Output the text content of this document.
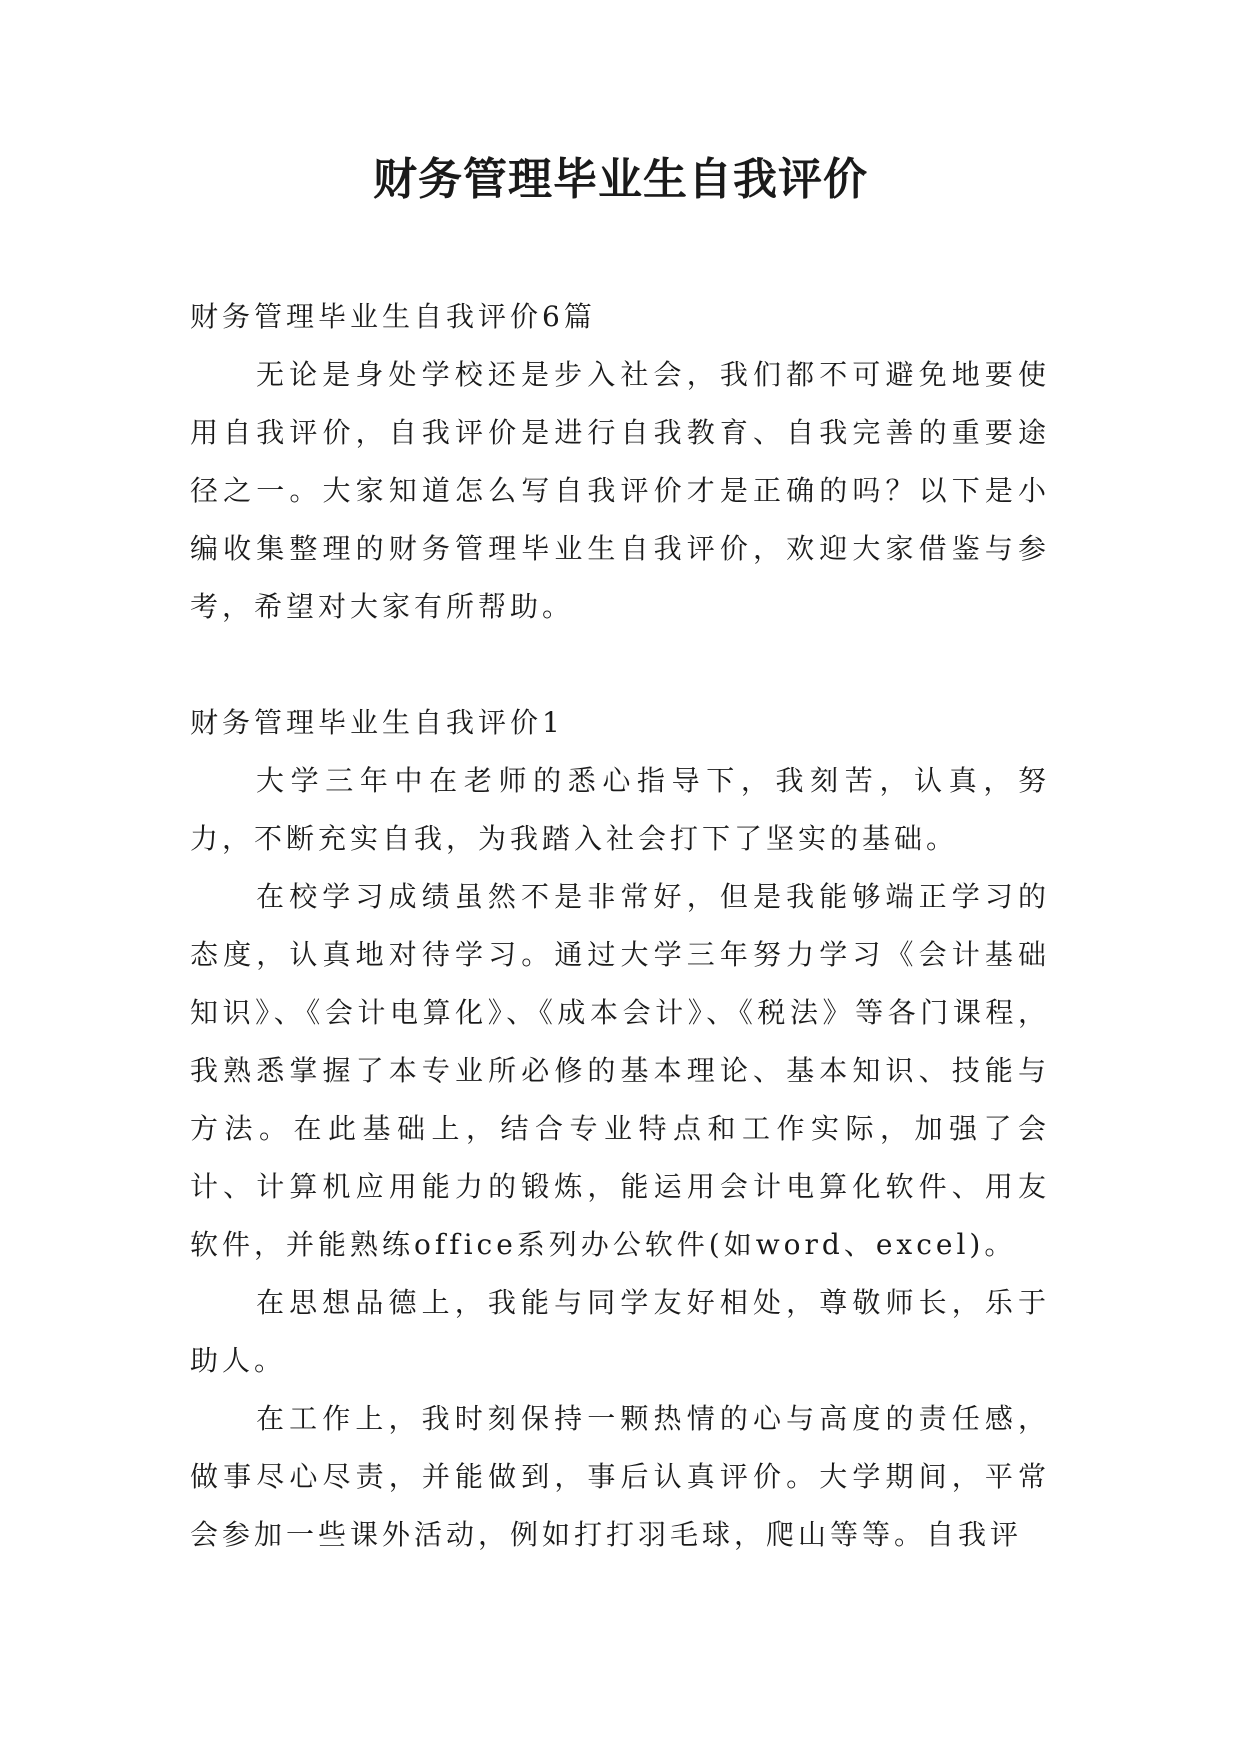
财务管理毕业生自我评价

财务管理毕业生自我评价6篇

无论是身处学校还是步入社会，我们都不可避免地要使用自我评价，自我评价是进行自我教育、自我完善的重要途径之一。大家知道怎么写自我评价才是正确的吗？以下是小编收集整理的财务管理毕业生自我评价，欢迎大家借鉴与参考，希望对大家有所帮助。

财务管理毕业生自我评价1

大学三年中在老师的悉心指导下，我刻苦，认真，努力，不断充实自我，为我踏入社会打下了坚实的基础。

在校学习成绩虽然不是非常好，但是我能够端正学习的态度，认真地对待学习。通过大学三年努力学习《会计基础知识》、《会计电算化》、《成本会计》、《税法》等各门课程，我熟悉掌握了本专业所必修的基本理论、基本知识、技能与方法。在此基础上，结合专业特点和工作实际，加强了会计、计算机应用能力的锻炼，能运用会计电算化软件、用友软件，并能熟练office系列办公软件(如word、excel)。

在思想品德上，我能与同学友好相处，尊敬师长，乐于助人。

在工作上，我时刻保持一颗热情的心与高度的责任感，做事尽心尽责，并能做到，事后认真评价。大学期间，平常会参加一些课外活动，例如打打羽毛球，爬山等等。自我评
